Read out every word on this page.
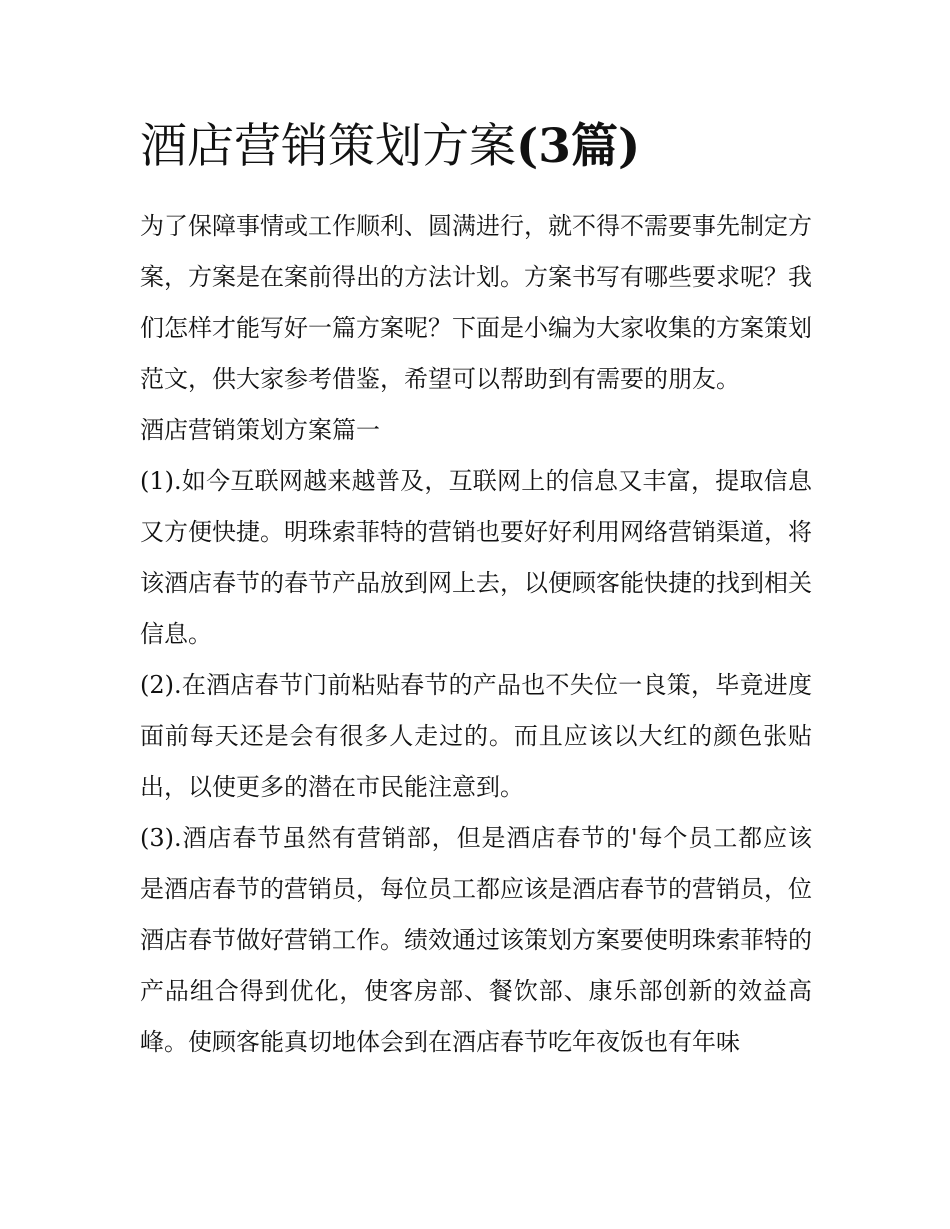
酒店营销策划方案(3篇)

为了保障事情或工作顺利、圆满进行，就不得不需要事先制定方案，方案是在案前得出的方法计划。方案书写有哪些要求呢？我们怎样才能写好一篇方案呢？下面是小编为大家收集的方案策划范文，供大家参考借鉴，希望可以帮助到有需要的朋友。

酒店营销策划方案篇一

(1).如今互联网越来越普及，互联网上的信息又丰富，提取信息又方便快捷。明珠索菲特的营销也要好好利用网络营销渠道，将该酒店春节的春节产品放到网上去，以便顾客能快捷的找到相关信息。

(2).在酒店春节门前粘贴春节的产品也不失位一良策，毕竟进度面前每天还是会有很多人走过的。而且应该以大红的颜色张贴出，以使更多的潜在市民能注意到。

(3).酒店春节虽然有营销部，但是酒店春节的'每个员工都应该是酒店春节的营销员，每位员工都应该是酒店春节的营销员，位酒店春节做好营销工作。绩效通过该策划方案要使明珠索菲特的产品组合得到优化，使客房部、餐饮部、康乐部创新的效益高峰。使顾客能真切地体会到在酒店春节吃年夜饭也有年味
